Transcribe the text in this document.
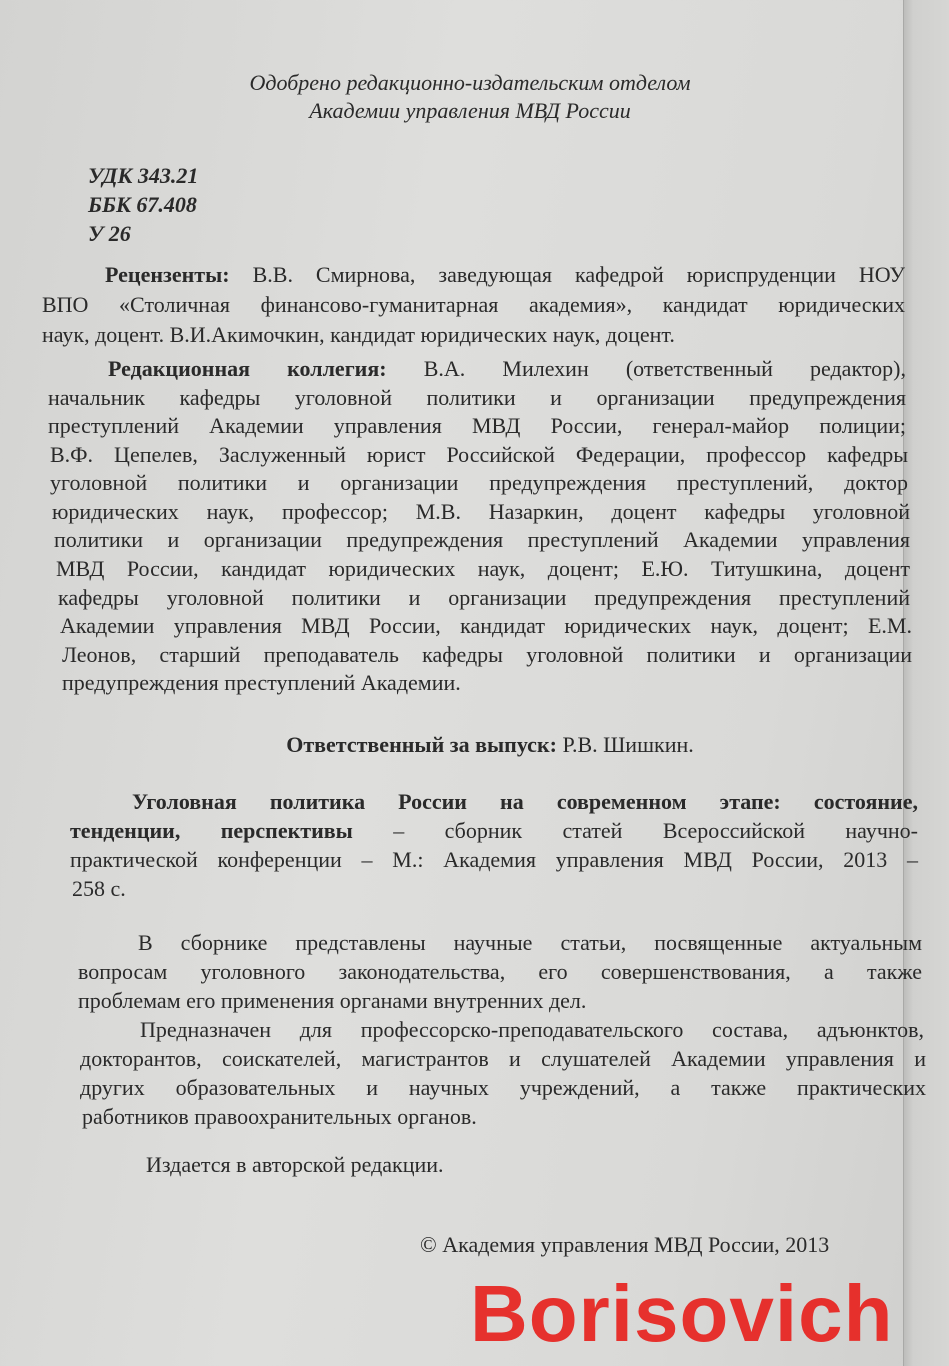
Одобрено редакционно-издательским отделом
Академии управления МВД России
УДК 343.21
ББК 67.408
У 26
Рецензенты: В.В. Смирнова, заведующая кафедрой юриспруденции НОУ
ВПО «Столичная финансово-гуманитарная академия», кандидат юридических
наук, доцент. В.И.Акимочкин, кандидат юридических наук, доцент.
Редакционная коллегия: В.А. Милехин (ответственный редактор),
начальник кафедры уголовной политики и организации предупреждения
преступлений Академии управления МВД России, генерал-майор полиции;
В.Ф. Цепелев, Заслуженный юрист Российской Федерации, профессор кафедры
уголовной политики и организации предупреждения преступлений, доктор
юридических наук, профессор; М.В. Назаркин, доцент кафедры уголовной
политики и организации предупреждения преступлений Академии управления
МВД России, кандидат юридических наук, доцент; Е.Ю. Титушкина, доцент
кафедры уголовной политики и организации предупреждения преступлений
Академии управления МВД России, кандидат юридических наук, доцент; Е.М.
Леонов, старший преподаватель кафедры уголовной политики и организации
предупреждения преступлений Академии.
Ответственный за выпуск: Р.В. Шишкин.
Уголовная политика России на современном этапе: состояние,
тенденции, перспективы – сборник статей Всероссийской научно-
практической конференции – М.: Академия управления МВД России, 2013 –
258 с.
В сборнике представлены научные статьи, посвященные актуальным
вопросам уголовного законодательства, его совершенствования, а также
проблемам его применения органами внутренних дел.
Предназначен для профессорско-преподавательского состава, адъюнктов,
докторантов, соискателей, магистрантов и слушателей Академии управления и
других образовательных и научных учреждений, а также практических
работников правоохранительных органов.
Издается в авторской редакции.
© Академия управления МВД России, 2013
Borisovich
